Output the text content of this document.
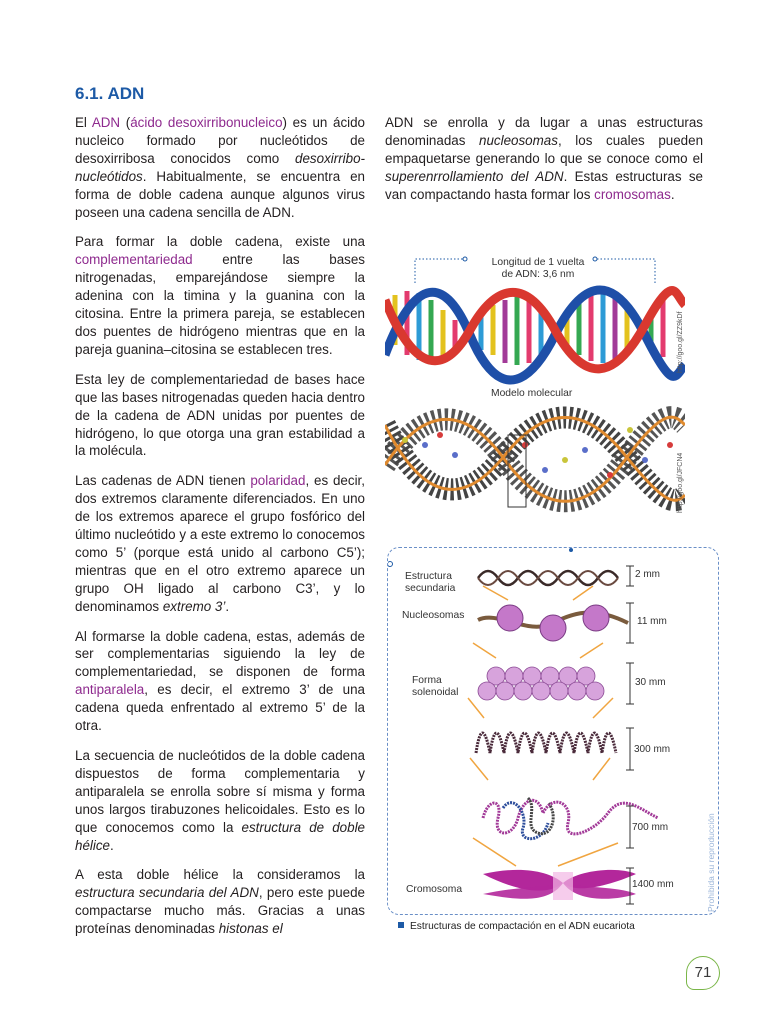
6.1. ADN

El ADN (ácido desoxirribonucleico) es un ácido nucleico formado por nucleótidos de desoxirribosa conocidos como desoxirribonucleótidos. Habitualmente, se encuentra en forma de doble cadena aunque algunos virus poseen una cadena sencilla de ADN.

Para formar la doble cadena, existe una complementariedad entre las bases nitrogenadas, emparejándose siempre la adenina con la timina y la guanina con la citosina. Entre la primera pareja, se establecen dos puentes de hidrógeno mientras que en la pareja guanina–citosina se establecen tres.

Esta ley de complementariedad de bases hace que las bases nitrogenadas queden hacia dentro de la cadena de ADN unidas por puentes de hidrógeno, lo que otorga una gran estabilidad a la molécula.

Las cadenas de ADN tienen polaridad, es decir, dos extremos claramente diferenciados. En uno de los extremos aparece el grupo fosfórico del último nucleótido y a este extremo lo conocemos como 5’ (porque está unido al carbono C5’); mientras que en el otro extremo aparece un grupo OH ligado al carbono C3’, y lo denominamos extremo 3’.

Al formarse la doble cadena, estas, además de ser complementarias siguiendo la ley de complementariedad, se disponen de forma antiparalela, es decir, el extremo 3’ de una cadena queda enfrentado al extremo 5’ de la otra.

La secuencia de nucleótidos de la doble cadena dispuestos de forma complementaria y antiparalela se enrolla sobre sí misma y forma unos largos tirabuzones helicoidales. Esto es lo que conocemos como la estructura de doble hélice.

A esta doble hélice la consideramos la estructura secundaria del ADN, pero este puede compactarse mucho más. Gracias a unas proteínas denominadas histonas el

ADN se enrolla y da lugar a unas estructuras denominadas nucleosomas, los cuales pueden empaquetarse generando lo que se conoce como el superenrrollamiento del ADN. Estas estructuras se van compactando hasta formar los cromosomas.

Longitud de 1 vuelta
de ADN: 3,6 nm
Modelo molecular
http://goo.gl/ZZ9kDf
http://goo.gl/JFCN4
Estructura secundaria
Nucleosomas
Forma solenoidal
Cromosoma
2 mm
11 mm
30 mm
300 mm
700 mm
1400 mm
Estructuras de compactación en el ADN eucariota
Prohibida su reproducción
71
